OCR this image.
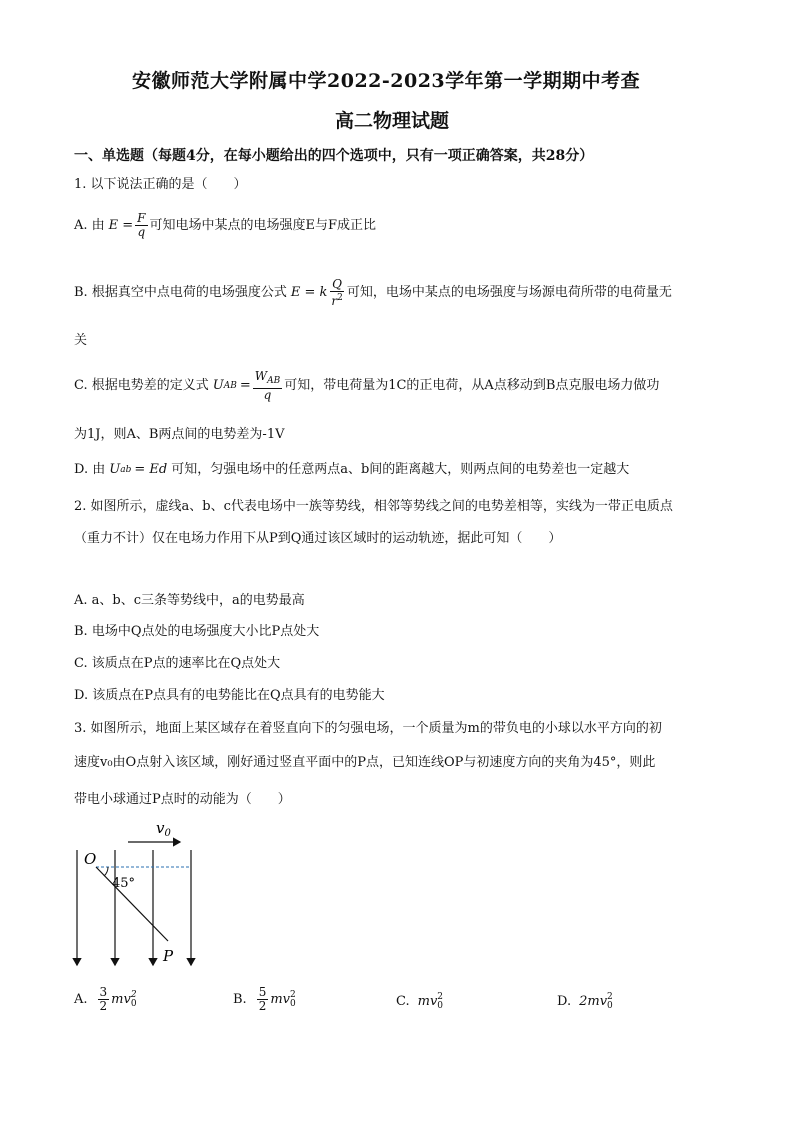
安徽师范大学附属中学2022-2023学年第一学期期中考查
高二物理试题
一、单选题（每题4分，在每小题给出的四个选项中，只有一项正确答案，共28分）
1. 以下说法正确的是（　　）
A. 由 $E = \frac{F}{q}$ 可知电场中某点的电场强度E与F成正比
B. 根据真空中点电荷的电场强度公式 E = k $\frac{Q}{r^2}$ 可知，电场中某点的电场强度与场源电荷所带的电荷量无
关
C. 根据电势差的定义式 U AB = $\frac{W_{AB}}{q}$ 可知，带电荷量为1C的正电荷，从A点移动到B点克服电场力做功
为1J，则A、B两点间的电势差为-1V
D. 由 U ab = Ed 可知，匀强电场中的任意两点a、b间的距离越大，则两点间的电势差也一定越大
2. 如图所示，虚线a、b、c代表电场中一族等势线，相邻等势线之间的电势差相等，实线为一带正电质点
（重力不计）仅在电场力作用下从P到Q通过该区域时的运动轨迹，据此可知（　　）
A. a、b、c三条等势线中，a的电势最高
B. 电场中Q点处的电场强度大小比P点处大
C. 该质点在P点的速率比在Q点处大
D. 该质点在P点具有的电势能比在Q点具有的电势能大
3. 如图所示，地面上某区域存在着竖直向下的匀强电场，一个质量为m的带负电的小球以水平方向的初
速度v₀由O点射入该区域，刚好通过竖直平面中的P点，已知连线OP与初速度方向的夹角为45°，则此
带电小球通过P点时的动能为（　　）
$v_0$
O
45°
P
A. $\frac{3}{2}$ mv 2
0	B. $\frac{5}{2}$ mv 2
0	C. mv 2
0	D. 2mv 2
0
